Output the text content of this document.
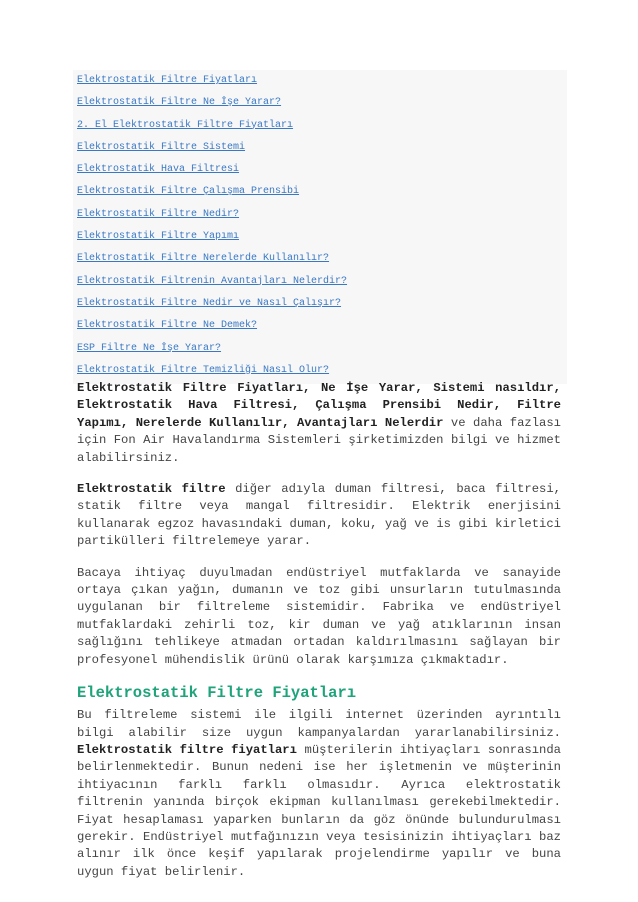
Elektrostatik Filtre Fiyatları
Elektrostatik Filtre Ne İşe Yarar?
2. El Elektrostatik Filtre Fiyatları
Elektrostatik Filtre Sistemi
Elektrostatik Hava Filtresi
Elektrostatik Filtre Çalışma Prensibi
Elektrostatik Filtre Nedir?
Elektrostatik Filtre Yapımı
Elektrostatik Filtre Nerelerde Kullanılır?
Elektrostatik Filtrenin Avantajları Nelerdir?
Elektrostatik Filtre Nedir ve Nasıl Çalışır?
Elektrostatik Filtre Ne Demek?
ESP Filtre Ne İşe Yarar?
Elektrostatik Filtre Temizliği Nasıl Olur?

Elektrostatik Filtre Fiyatları, Ne İşe Yarar, Sistemi nasıldır, Elektrostatik Hava Filtresi, Çalışma Prensibi Nedir, Filtre Yapımı, Nerelerde Kullanılır, Avantajları Nelerdir ve daha fazlası için Fon Air Havalandırma Sistemleri şirketimizden bilgi ve hizmet alabilirsiniz.

Elektrostatik filtre diğer adıyla duman filtresi, baca filtresi, statik filtre veya mangal filtresidir. Elektrik enerjisini kullanarak egzoz havasındaki duman, koku, yağ ve is gibi kirletici partikülleri filtrelemeye yarar.

Bacaya ihtiyaç duyulmadan endüstriyel mutfaklarda ve sanayide ortaya çıkan yağın, dumanın ve toz gibi unsurların tutulmasında uygulanan bir filtreleme sistemidir. Fabrika ve endüstriyel mutfaklardaki zehirli toz, kir duman ve yağ atıklarının insan sağlığını tehlikeye atmadan ortadan kaldırılmasını sağlayan bir profesyonel mühendislik ürünü olarak karşımıza çıkmaktadır.

Elektrostatik Filtre Fiyatları

Bu filtreleme sistemi ile ilgili internet üzerinden ayrıntılı bilgi alabilir size uygun kampanyalardan yararlanabilirsiniz. Elektrostatik filtre fiyatları müşterilerin ihtiyaçları sonrasında belirlenmektedir. Bunun nedeni ise her işletmenin ve müşterinin ihtiyacının farklı farklı olmasıdır. Ayrıca elektrostatik filtrenin yanında birçok ekipman kullanılması gerekebilmektedir. Fiyat hesaplaması yaparken bunların da göz önünde bulundurulması gerekir. Endüstriyel mutfağınızın veya tesisinizin ihtiyaçları baz alınır ilk önce keşif yapılarak projelendirme yapılır ve buna uygun fiyat belirlenir.
